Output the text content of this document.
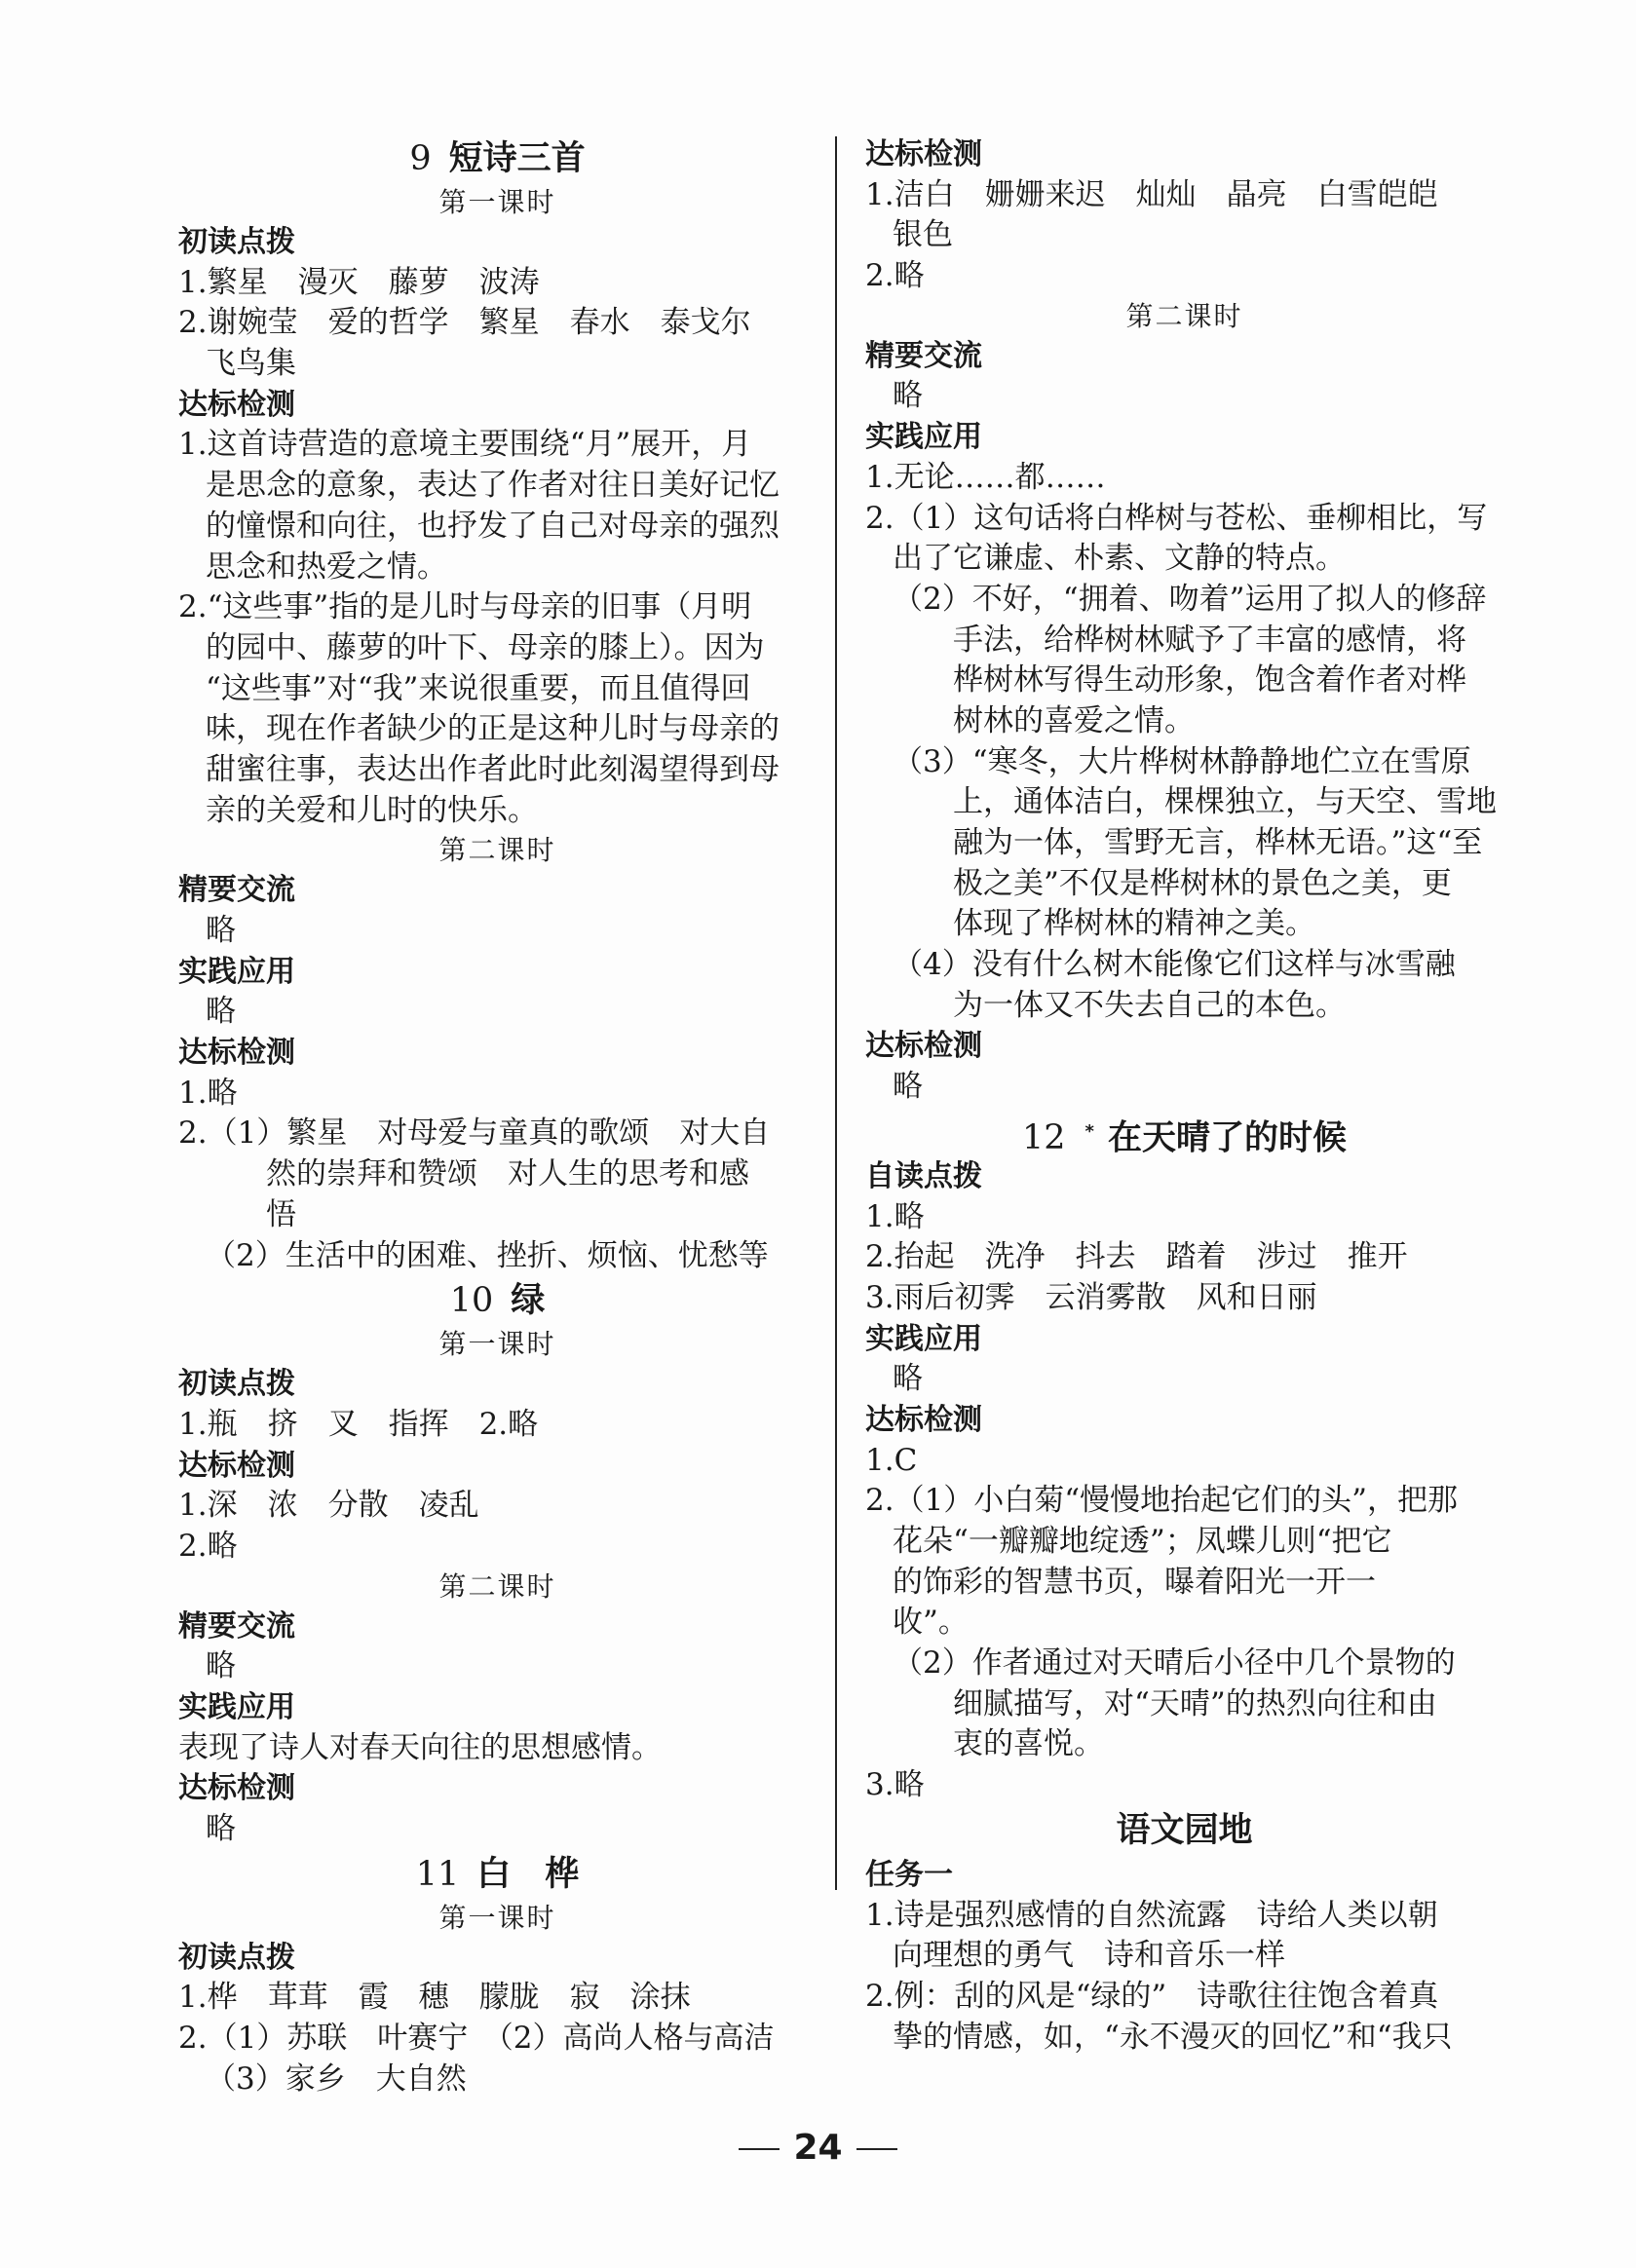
9 短诗三首
第一课时
初读点拨
1.繁星　漫灭　藤萝　波涛
2.谢婉莹　爱的哲学　繁星　春水　泰戈尔
飞鸟集
达标检测
1.这首诗营造的意境主要围绕“月”展开，月
是思念的意象，表达了作者对往日美好记忆
的憧憬和向往，也抒发了自己对母亲的强烈
思念和热爱之情。
2.“这些事”指的是儿时与母亲的旧事（月明
的园中、藤萝的叶下、母亲的膝上）。因为
“这些事”对“我”来说很重要，而且值得回
味，现在作者缺少的正是这种儿时与母亲的
甜蜜往事，表达出作者此时此刻渴望得到母
亲的关爱和儿时的快乐。
第二课时
精要交流
略
实践应用
略
达标检测
1.略
2.（1）繁星　对母爱与童真的歌颂　对大自
然的崇拜和赞颂　对人生的思考和感
悟
（2）生活中的困难、挫折、烦恼、忧愁等
10 绿
第一课时
初读点拨
1.瓶　挤　叉　指挥　2.略
达标检测
1.深　浓　分散　凌乱
2.略
第二课时
精要交流
略
实践应用
表现了诗人对春天向往的思想感情。
达标检测
略
11 白　桦
第一课时
初读点拨
1.桦　茸茸　霞　穗　朦胧　寂　涂抹
2.（1）苏联　叶赛宁　（2）高尚人格与高洁
（3）家乡　大自然
达标检测
1.洁白　姗姗来迟　灿灿　晶亮　白雪皑皑
银色
2.略
第二课时
精要交流
略
实践应用
1.无论……都……
2.（1）这句话将白桦树与苍松、垂柳相比，写
出了它谦虚、朴素、文静的特点。
（2）不好，“拥着、吻着”运用了拟人的修辞
手法，给桦树林赋予了丰富的感情，将
桦树林写得生动形象，饱含着作者对桦
树林的喜爱之情。
（3）“寒冬，大片桦树林静静地伫立在雪原
上，通体洁白，棵棵独立，与天空、雪地
融为一体，雪野无言，桦林无语。”这“至
极之美”不仅是桦树林的景色之美，更
体现了桦树林的精神之美。
（4）没有什么树木能像它们这样与冰雪融
为一体又不失去自己的本色。
达标检测
略
12 * 在天晴了的时候
自读点拨
1.略
2.抬起　洗净　抖去　踏着　涉过　推开
3.雨后初霁　云消雾散　风和日丽
实践应用
略
达标检测
1.C
2.（1）小白菊“慢慢地抬起它们的头”，把那
花朵“一瓣瓣地绽透”；凤蝶儿则“把它
的饰彩的智慧书页，曝着阳光一开一
收”。
（2）作者通过对天晴后小径中几个景物的
细腻描写，对“天晴”的热烈向往和由
衷的喜悦。
3.略
语文园地
任务一
1.诗是强烈感情的自然流露　诗给人类以朝
向理想的勇气　诗和音乐一样
2.例：刮的风是“绿的”　诗歌往往饱含着真
挚的情感，如，“永不漫灭的回忆”和“我只
24
